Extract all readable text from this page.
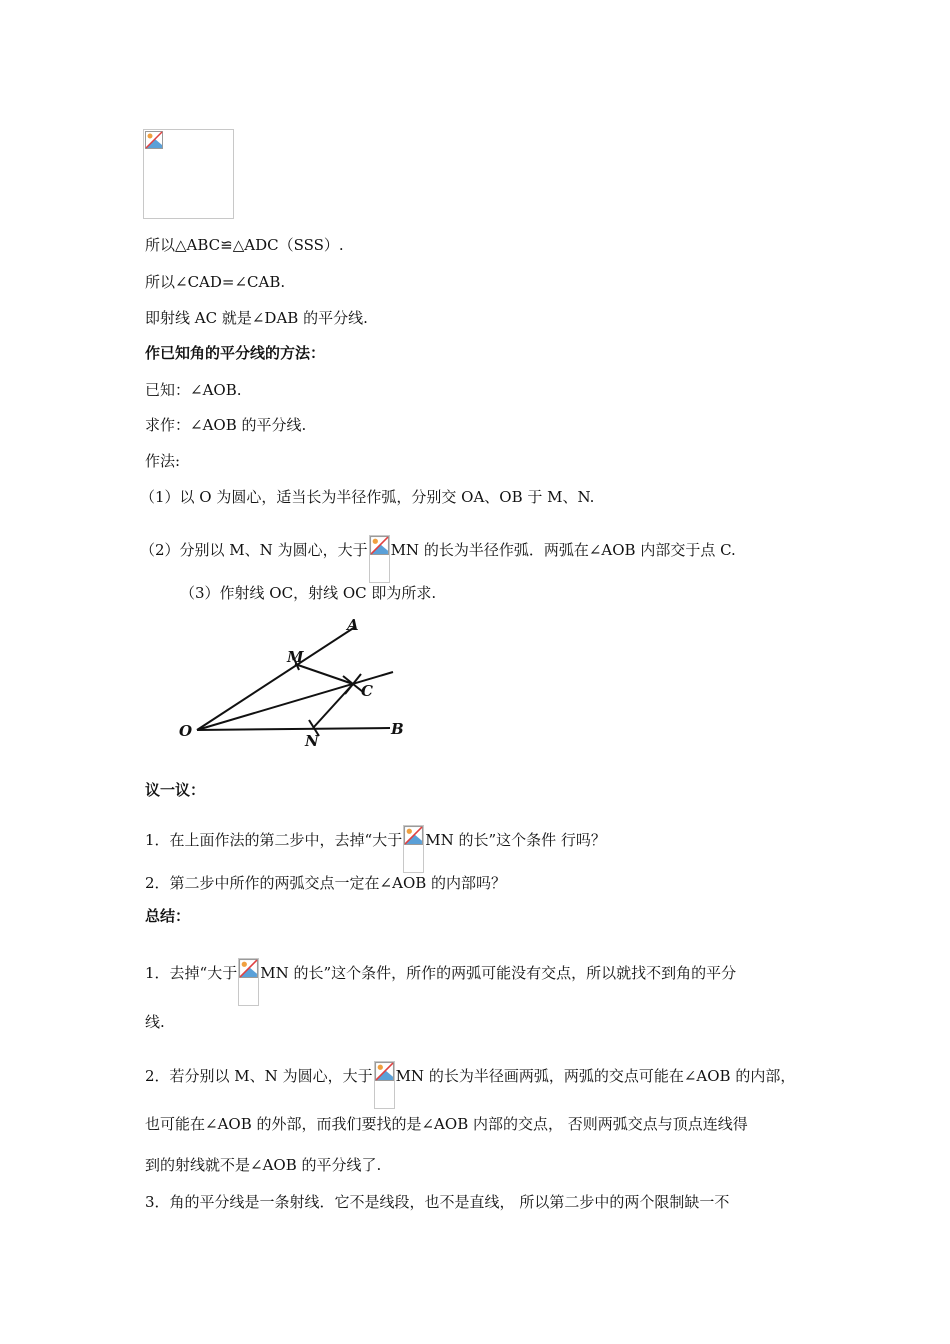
所以△ABC≌△ADC（SSS）.
所以∠CAD=∠CAB.
即射线 AC 就是∠DAB 的平分线.
作已知角的平分线的方法：
已知：∠AOB.
求作：∠AOB 的平分线.
作法:
（1）以 O 为圆心，适当长为半径作弧，分别交 OA、OB 于 M、N.
（2）分别以 M、N 为圆心，大于 MN 的长为半径作弧．两弧在∠AOB 内部交于点 C.
（3）作射线 OC，射线 OC 即为所求.
A
M
C
O
N
B
议一议：
1．在上面作法的第二步中，去掉“大于 MN 的长”这个条件 行吗？
2．第二步中所作的两弧交点一定在∠AOB 的内部吗？
总结：
1．去掉“大于 MN 的长”这个条件，所作的两弧可能没有交点，所以就找不到角的平分
线.
2．若分别以 M、N 为圆心，大于 MN 的长为半径画两弧，两弧的交点可能在∠AOB 的内部，
也可能在∠AOB 的外部，而我们要找的是∠AOB 内部的交点， 否则两弧交点与顶点连线得
到的射线就不是∠AOB 的平分线了.
3．角的平分线是一条射线．它不是线段，也不是直线， 所以第二步中的两个限制缺一不
